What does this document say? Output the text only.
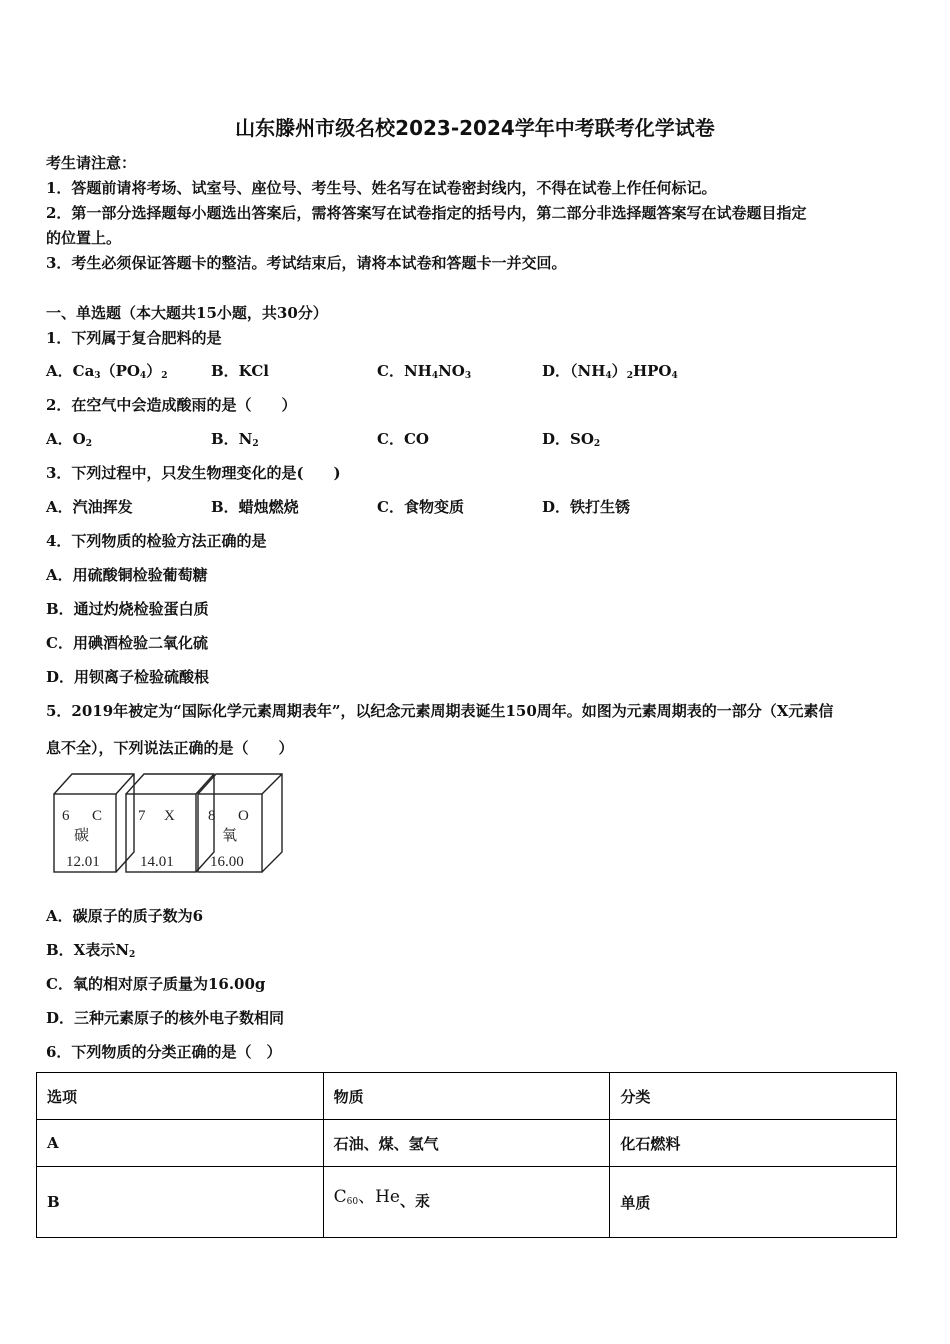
山东滕州市级名校2023-2024学年中考联考化学试卷
考生请注意：
1．答题前请将考场、试室号、座位号、考生号、姓名写在试卷密封线内，不得在试卷上作任何标记。
2．第一部分选择题每小题选出答案后，需将答案写在试卷指定的括号内，第二部分非选择题答案写在试卷题目指定
的位置上。
3．考生必须保证答题卡的整洁。考试结束后，请将本试卷和答题卡一并交回。
一、单选题（本大题共15小题，共30分）
1．下列属于复合肥料的是
A．$Ca_3(PO_4)_2$	B．KCl	C．$NH_4NO_3$	D．$(NH_4)_2HPO_4$
2．在空气中会造成酸雨的是（　　）
A．$O_2$	B．$N_2$	C．CO	D．$SO_2$
3．下列过程中，只发生物理变化的是(　　)
A．汽油挥发	B．蜡烛燃烧	C．食物变质	D．铁打生锈
4．下列物质的检验方法正确的是
A．用硫酸铜检验葡萄糖
B．通过灼烧检验蛋白质
C．用碘酒检验二氧化硫
D．用钡离子检验硫酸根
5．2019年被定为“国际化学元素周期表年”，以纪念元素周期表诞生150周年。如图为元素周期表的一部分（X元素信
息不全），下列说法正确的是（　　）
6 C
碳
12.01
7 X
14.01
8 O
氧
16.00
A．碳原子的质子数为6
B．X表示$N_2$
C．氧的相对原子质量为16.00g
D．三种元素原子的核外电子数相同
6．下列物质的分类正确的是（　）
选项	物质	分类
A	石油、煤、氢气	化石燃料
B	$C_{60}$、He、汞	单质
